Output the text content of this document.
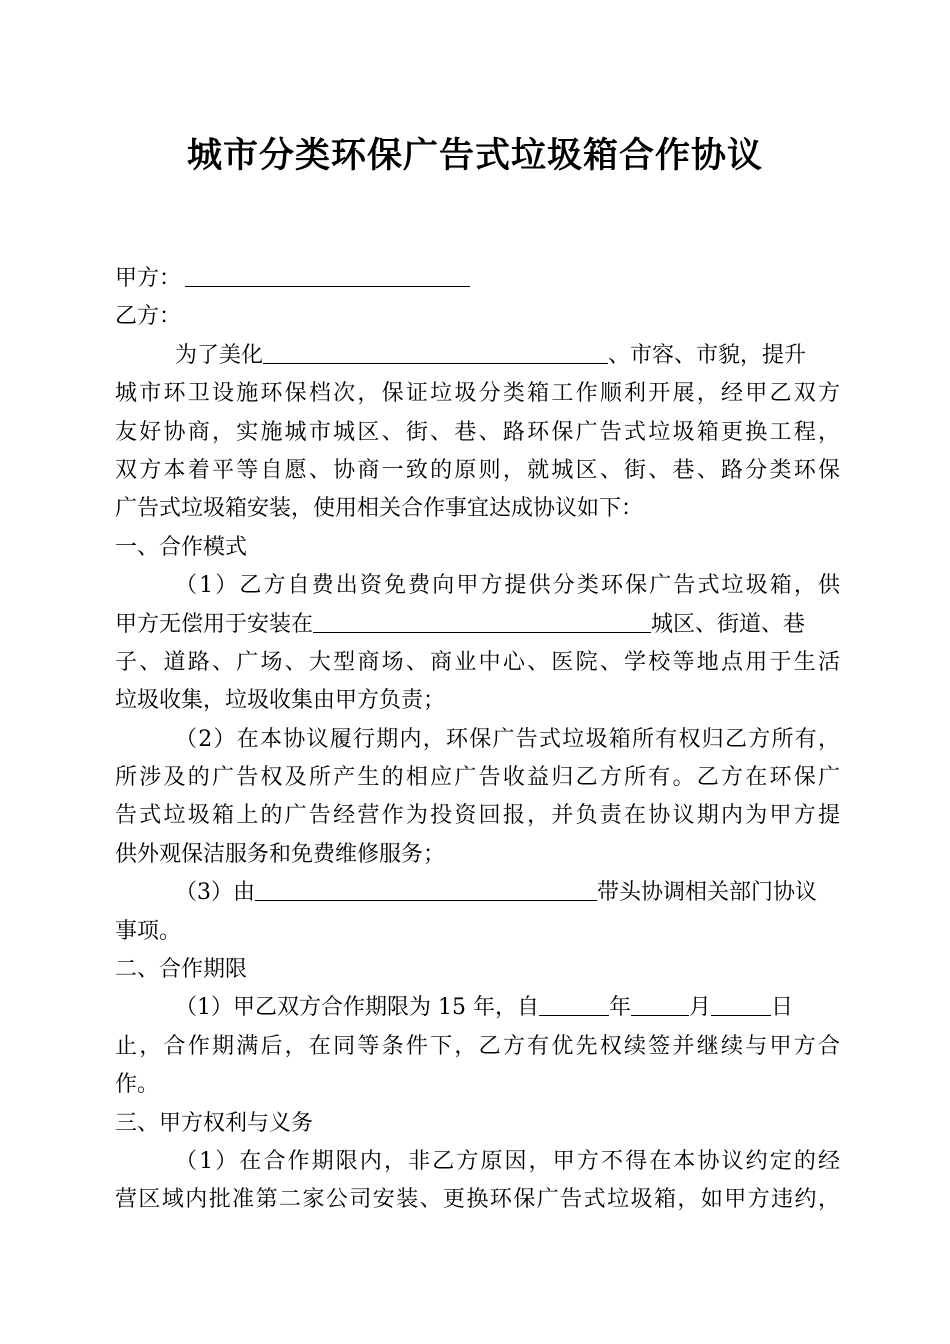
城市分类环保广告式垃圾箱合作协议
甲方：
乙方：
为了美化	、市容、市貌，提升
城市环卫设施环保档次，保证垃圾分类箱工作顺利开展，经甲乙双方
友好协商，实施城市城区、街、巷、路环保广告式垃圾箱更换工程，
双方本着平等自愿、协商一致的原则，就城区、街、巷、路分类环保
广告式垃圾箱安装，使用相关合作事宜达成协议如下：
一、合作模式
（1）乙方自费出资免费向甲方提供分类环保广告式垃圾箱，供
甲方无偿用于安装在	城区、街道、巷
子、道路、广场、大型商场、商业中心、医院、学校等地点用于生活
垃圾收集，垃圾收集由甲方负责；
（2）在本协议履行期内，环保广告式垃圾箱所有权归乙方所有，
所涉及的广告权及所产生的相应广告收益归乙方所有。乙方在环保广
告式垃圾箱上的广告经营作为投资回报，并负责在协议期内为甲方提
供外观保洁服务和免费维修服务；
（3）由	带头协调相关部门协议
事项。
二、合作期限
（1）甲乙双方合作期限为 15 年，自	年	月	日
止，合作期满后，在同等条件下，乙方有优先权续签并继续与甲方合
作。
三、甲方权利与义务
（1）在合作期限内，非乙方原因，甲方不得在本协议约定的经
营区域内批准第二家公司安装、更换环保广告式垃圾箱，如甲方违约，
